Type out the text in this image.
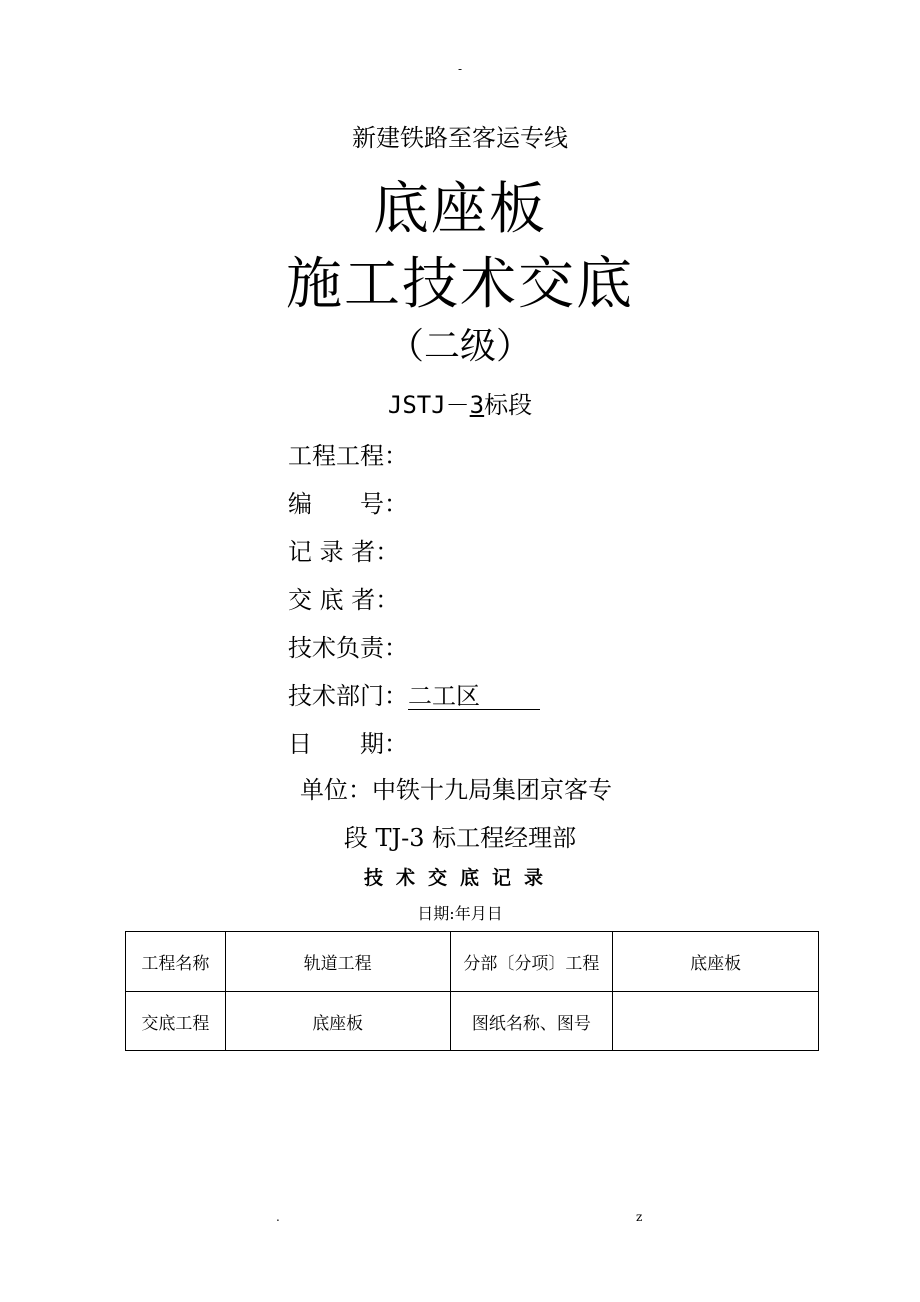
-
新建铁路至客运专线
底座板
施工技术交底
（二级）
JSTJ－3标段
工程工程：
编　　号：
记 录 者：
交 底 者：
技术负责：
技术部门：二工区
日　　期：
单位：中铁十九局集团京客专
段 TJ-3 标工程经理部
技术交底记录
日期:年月日
工程名称	轨道工程	分部〔分项〕工程	底座板
交底工程	底座板	图纸名称、图号	
.	z
